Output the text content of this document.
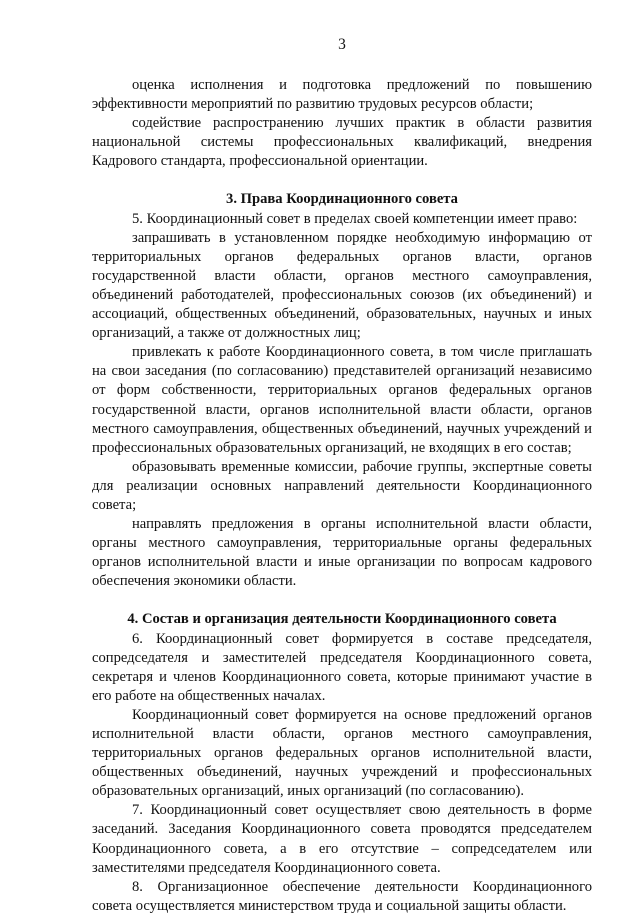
3

оценка исполнения и подготовка предложений по повышению эффективности мероприятий по развитию трудовых ресурсов области;

содействие распространению лучших практик в области развития национальной системы профессиональных квалификаций, внедрения Кадрового стандарта, профессиональной ориентации.

3. Права Координационного совета

5. Координационный совет в пределах своей компетенции имеет право:

запрашивать в установленном порядке необходимую информацию от территориальных органов федеральных органов власти, органов государственной власти области, органов местного самоуправления, объединений работодателей, профессиональных союзов (их объединений) и ассоциаций, общественных объединений, образовательных, научных и иных организаций, а также от должностных лиц;

привлекать к работе Координационного совета, в том числе приглашать на свои заседания (по согласованию) представителей организаций независимо от форм собственности, территориальных органов федеральных органов государственной власти, органов исполнительной власти области, органов местного самоуправления, общественных объединений, научных учреждений и профессиональных образовательных организаций, не входящих в его состав;

образовывать временные комиссии, рабочие группы, экспертные советы для реализации основных направлений деятельности Координационного совета;

направлять предложения в органы исполнительной власти области, органы местного самоуправления, территориальные органы федеральных органов исполнительной власти и иные организации по вопросам кадрового обеспечения экономики области.

4. Состав и организация деятельности Координационного совета

6. Координационный совет формируется в составе председателя, сопредседателя и заместителей председателя Координационного совета, секретаря и членов Координационного совета, которые принимают участие в его работе на общественных началах.

Координационный совет формируется на основе предложений органов исполнительной власти области, органов местного самоуправления, территориальных органов федеральных органов исполнительной власти, общественных объединений, научных учреждений и профессиональных образовательных организаций, иных организаций (по согласованию).

7. Координационный совет осуществляет свою деятельность в форме заседаний. Заседания Координационного совета проводятся председателем Координационного совета, а в его отсутствие – сопредседателем или заместителями председателя Координационного совета.

8. Организационное обеспечение деятельности Координационного совета осуществляется министерством труда и социальной защиты области.
